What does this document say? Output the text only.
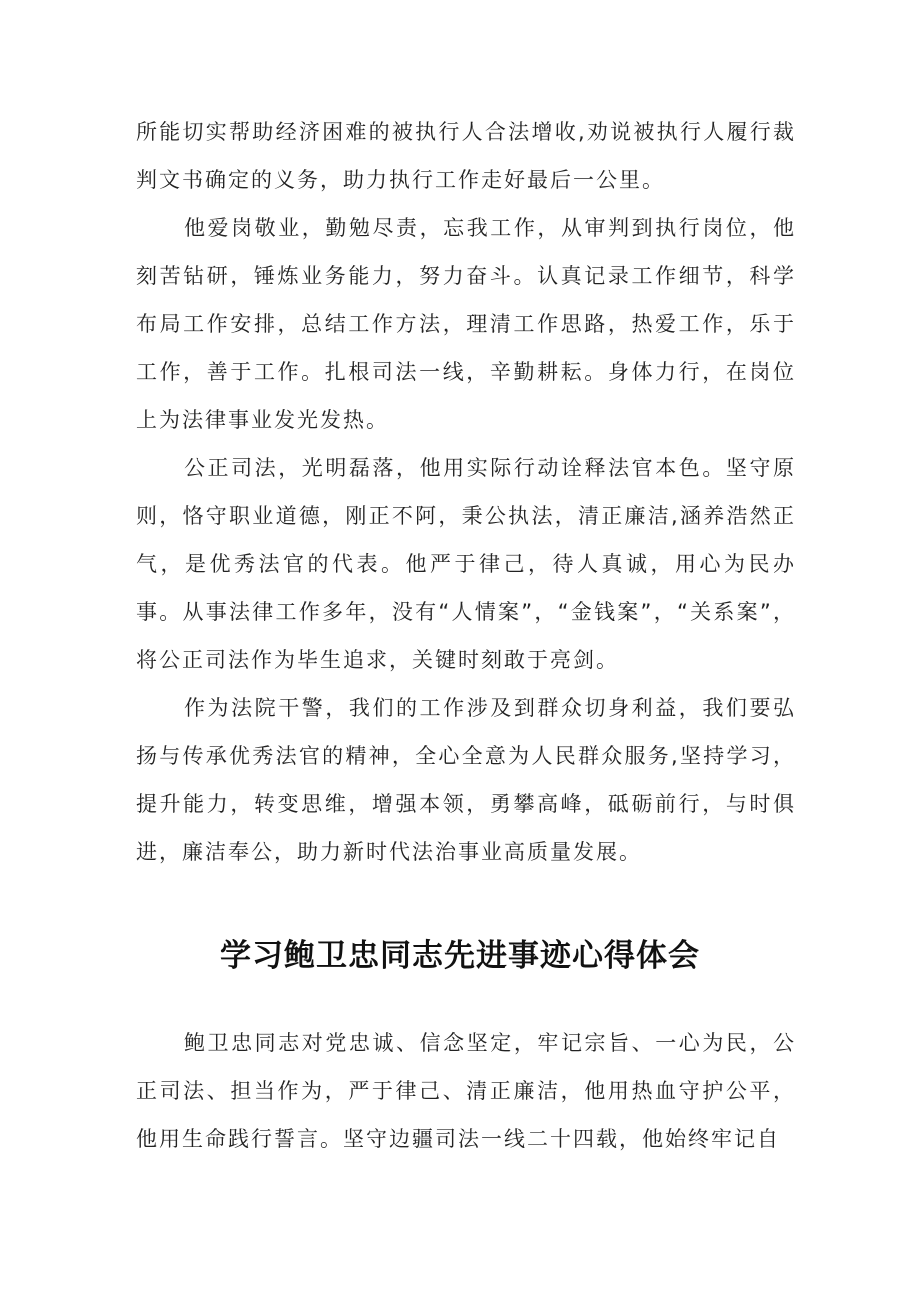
所能切实帮助经济困难的被执行人合法增收,劝说被执行人履行裁判文书确定的义务，助力执行工作走好最后一公里。

他爱岗敬业，勤勉尽责，忘我工作，从审判到执行岗位，他刻苦钻研，锤炼业务能力，努力奋斗。认真记录工作细节，科学布局工作安排，总结工作方法，理清工作思路，热爱工作，乐于工作，善于工作。扎根司法一线，辛勤耕耘。身体力行，在岗位上为法律事业发光发热。

公正司法，光明磊落，他用实际行动诠释法官本色。坚守原则，恪守职业道德，刚正不阿，秉公执法，清正廉洁,涵养浩然正气，是优秀法官的代表。他严于律己，待人真诚，用心为民办事。从事法律工作多年，没有“人情案”，“金钱案”，“关系案”，将公正司法作为毕生追求，关键时刻敢于亮剑。

作为法院干警，我们的工作涉及到群众切身利益，我们要弘扬与传承优秀法官的精神，全心全意为人民群众服务,坚持学习，提升能力，转变思维，增强本领，勇攀高峰，砥砺前行，与时俱进，廉洁奉公，助力新时代法治事业高质量发展。

学习鲍卫忠同志先进事迹心得体会

鲍卫忠同志对党忠诚、信念坚定，牢记宗旨、一心为民，公正司法、担当作为，严于律己、清正廉洁，他用热血守护公平，他用生命践行誓言。坚守边疆司法一线二十四载，他始终牢记自
